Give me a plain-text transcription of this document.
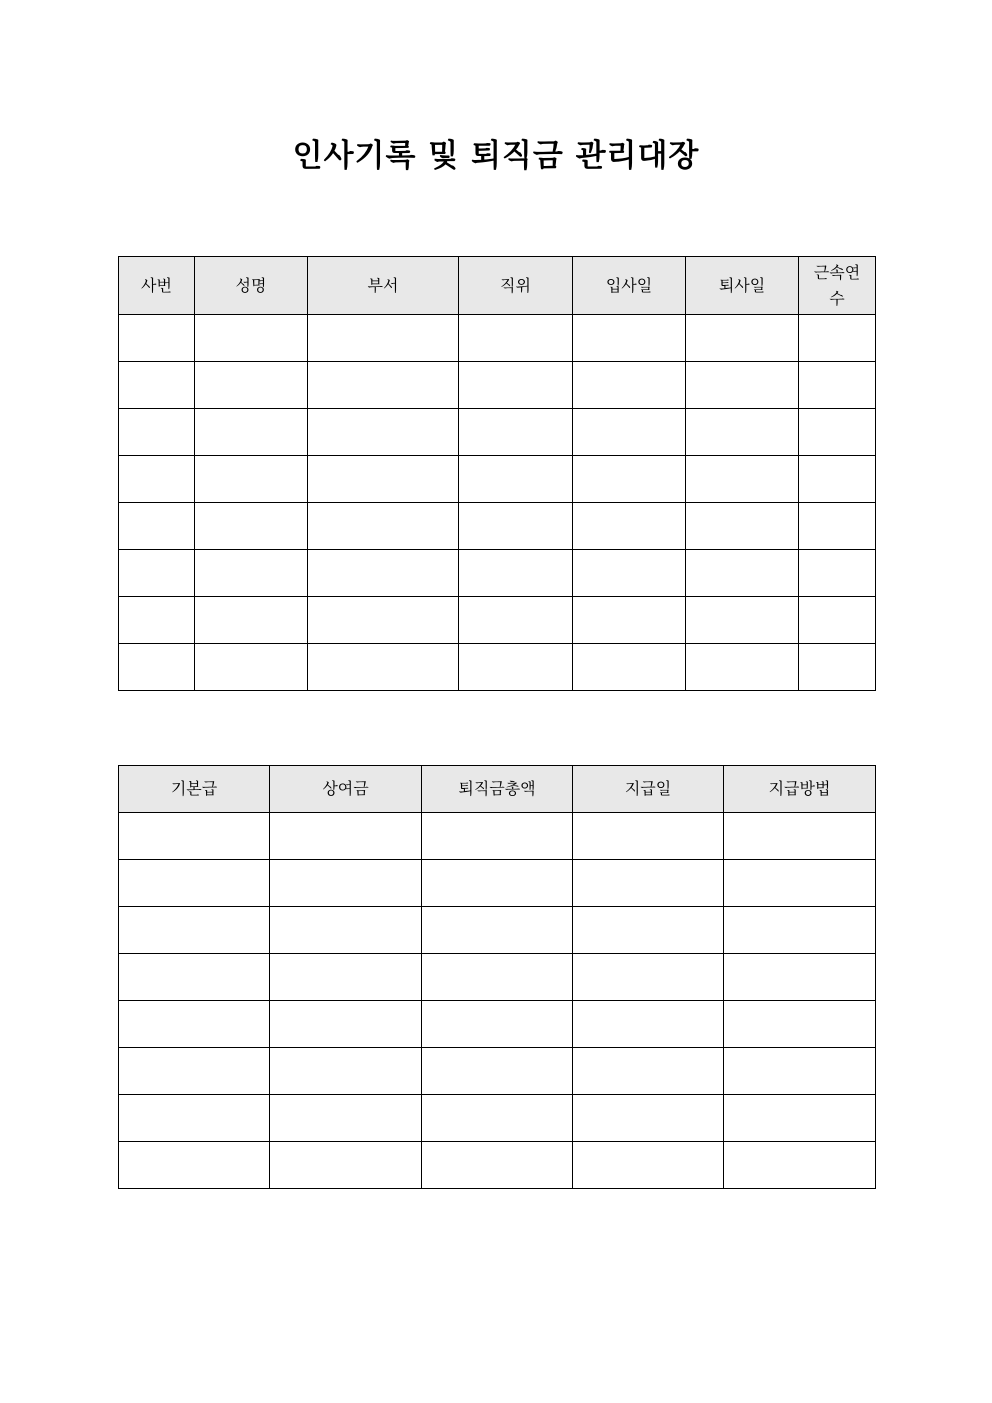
인사기록 및 퇴직금 관리대장
사번	성명	부서	직위	입사일	퇴사일	근속연
수

기본급	상여금	퇴직금총액	지급일	지급방법
